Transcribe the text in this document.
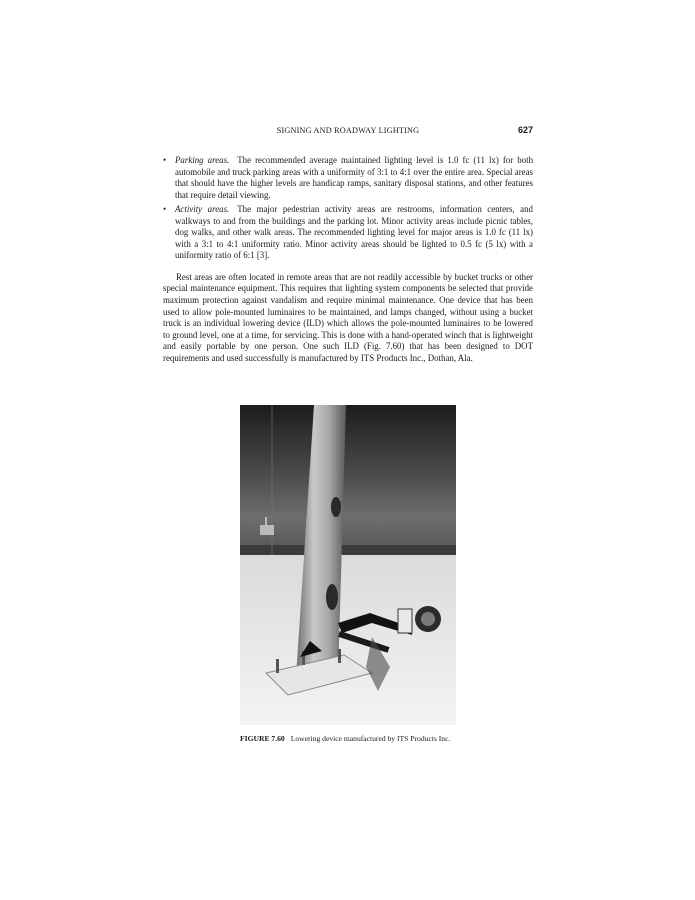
SIGNING AND ROADWAY LIGHTING	627
• Parking areas. The recommended average maintained lighting level is 1.0 fc (11 lx) for both automobile and truck parking areas with a uniformity of 3:1 to 4:1 over the entire area. Special areas that should have the higher levels are handicap ramps, sanitary disposal stations, and other features that require detail viewing.
• Activity areas. The major pedestrian activity areas are restrooms, information centers, and walkways to and from the buildings and the parking lot. Minor activity areas include picnic tables, dog walks, and other walk areas. The recommended lighting level for major areas is 1.0 fc (11 lx) with a 3:1 to 4:1 uniformity ratio. Minor activity areas should be lighted to 0.5 fc (5 lx) with a uniformity ratio of 6:1 [3].

Rest areas are often located in remote areas that are not readily accessible by bucket trucks or other special maintenance equipment. This requires that lighting system components be selected that provide maximum protection against vandalism and require minimal maintenance. One device that has been used to allow pole-mounted luminaires to be maintained, and lamps changed, without using a bucket truck is an individual lowering device (ILD) which allows the pole-mounted luminaires to be lowered to ground level, one at a time, for servicing. This is done with a hand-operated winch that is lightweight and easily portable by one person. One such ILD (Fig. 7.60) that has been designed to DOT requirements and used successfully is manufactured by ITS Products Inc., Dothan, Ala.

FIGURE 7.60 Lowering device manufactured by ITS Products Inc.
